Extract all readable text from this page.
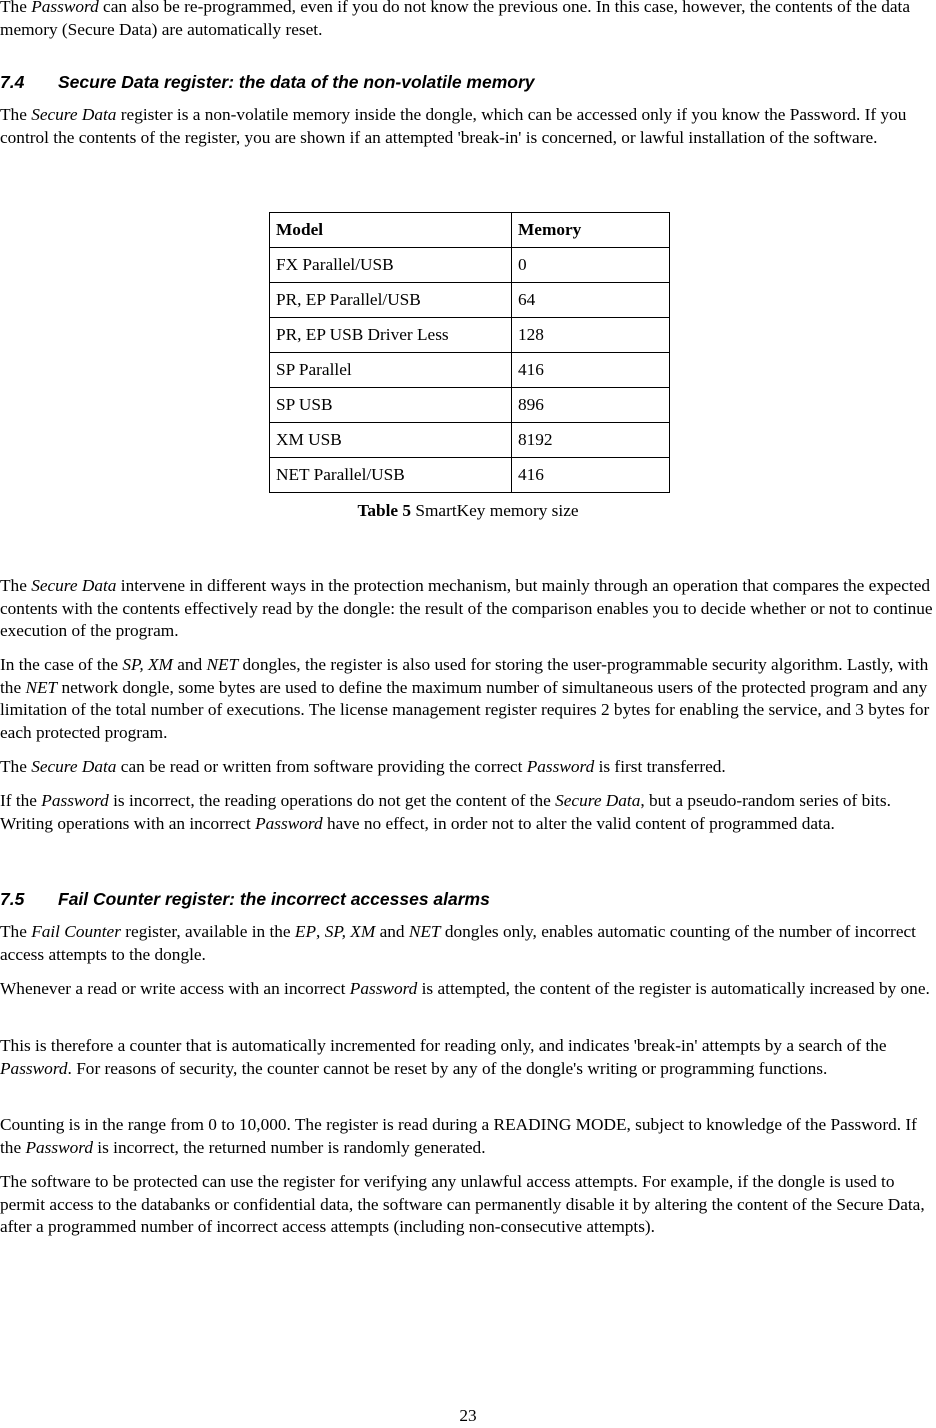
The Password can also be re-programmed, even if you do not know the previous one. In this case, however, the contents of the data memory (Secure Data) are automatically reset.

7.4 Secure Data register: the data of the non-volatile memory

The Secure Data register is a non-volatile memory inside the dongle, which can be accessed only if you know the Password. If you control the contents of the register, you are shown if an attempted 'break-in' is concerned, or lawful installation of the software.

Model	Memory
FX Parallel/USB	0
PR, EP Parallel/USB	64
PR, EP USB Driver Less	128
SP Parallel	416
SP USB	896
XM USB	8192
NET Parallel/USB	416

Table 5 SmartKey memory size

The Secure Data intervene in different ways in the protection mechanism, but mainly through an operation that compares the expected contents with the contents effectively read by the dongle: the result of the comparison enables you to decide whether or not to continue execution of the program.

In the case of the SP, XM and NET dongles, the register is also used for storing the user-programmable security algorithm. Lastly, with the NET network dongle, some bytes are used to define the maximum number of simultaneous users of the protected program and any limitation of the total number of executions. The license management register requires 2 bytes for enabling the service, and 3 bytes for each protected program.

The Secure Data can be read or written from software providing the correct Password is first transferred.

If the Password is incorrect, the reading operations do not get the content of the Secure Data, but a pseudo-random series of bits. Writing operations with an incorrect Password have no effect, in order not to alter the valid content of programmed data.

7.5 Fail Counter register: the incorrect accesses alarms

The Fail Counter register, available in the EP, SP, XM and NET dongles only, enables automatic counting of the number of incorrect access attempts to the dongle.

Whenever a read or write access with an incorrect Password is attempted, the content of the register is automatically increased by one.

This is therefore a counter that is automatically incremented for reading only, and indicates 'break-in' attempts by a search of the Password. For reasons of security, the counter cannot be reset by any of the dongle's writing or programming functions.

Counting is in the range from 0 to 10,000. The register is read during a READING MODE, subject to knowledge of the Password. If the Password is incorrect, the returned number is randomly generated.

The software to be protected can use the register for verifying any unlawful access attempts. For example, if the dongle is used to permit access to the databanks or confidential data, the software can permanently disable it by altering the content of the Secure Data, after a programmed number of incorrect access attempts (including non-consecutive attempts).

23
